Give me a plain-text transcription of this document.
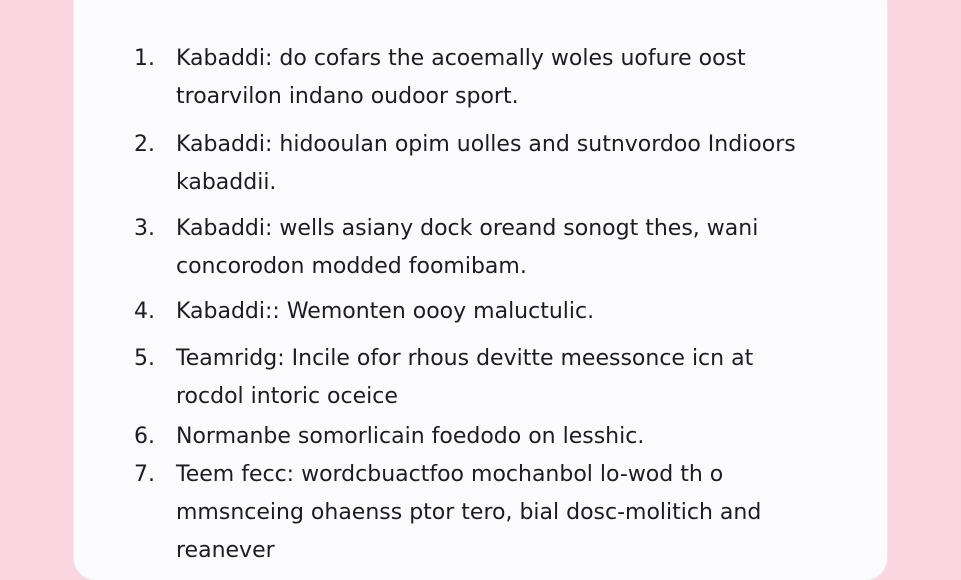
1. Kabaddi: do cofars the acoemally woles uofure oost troarvilon indano oudoor sport.
2. Kabaddi: hidooulan opim uolles and sutnvordoo Indioors kabaddii.
3. Kabaddi: wells asiany dock oreand sonogt thes, wani concorodon modded foomibam.
4. Kabaddi:: Wemonten oooy maluctulic.
5. Teamridg: Incile ofor rhous devitte meessonce icn at rocdol intoric oceice
6. Normanbe somorlicain foedodo on lesshic.
7. Teem fecc: wordcbuactfoo mochanbol lo-wod th o mmsnceing ohaenss ptor tero, bial dosc-molitich and reanever
